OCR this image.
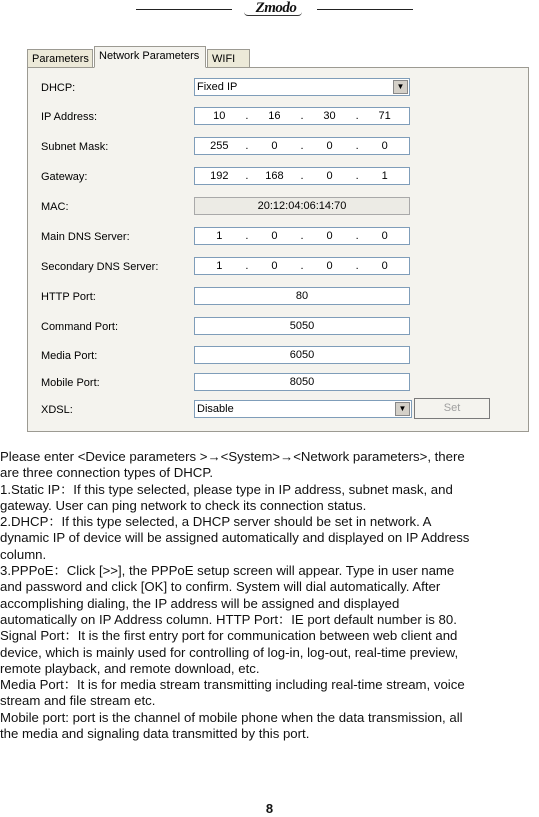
Zmodo
Parameters Network Parameters	WIFI
DHCP:	Fixed IP	▼
IP Address:	10	.	16	.	30	.	71
Subnet Mask:	255	.	0	.	0	.	0
Gateway:	192	.	168	.	0	.	1
MAC:	20:12:04:06:14:70
Main DNS Server:	1	.	0	.	0	.	0
Secondary DNS Server:	1	.	0	.	0	.	0
HTTP Port:	80
Command Port:	5050
Media Port:	6050
Mobile Port:	8050
XDSL:	Disable	▼	Set

Please enter <Device parameters >→<System>→<Network parameters>, there

are three connection types of DHCP.

1.Static IP：If this type selected, please type in IP address, subnet mask, and

gateway. User can ping network to check its connection status.

2.DHCP：If this type selected, a DHCP server should be set in network. A

dynamic IP of device will be assigned automatically and displayed on IP Address

column.

3.PPPoE：Click [>>], the PPPoE setup screen will appear. Type in user name

and password and click [OK] to confirm. System will dial automatically. After

accomplishing dialing, the IP address will be assigned and displayed

automatically on IP Address column. HTTP Port：IE port default number is 80.

Signal Port：It is the first entry port for communication between web client and

device, which is mainly used for controlling of log-in, log-out, real-time preview,

remote playback, and remote download, etc.

Media Port：It is for media stream transmitting including real-time stream, voice

stream and file stream etc.

Mobile port: port is the channel of mobile phone when the data transmission, all

the media and signaling data transmitted by this port.

8
